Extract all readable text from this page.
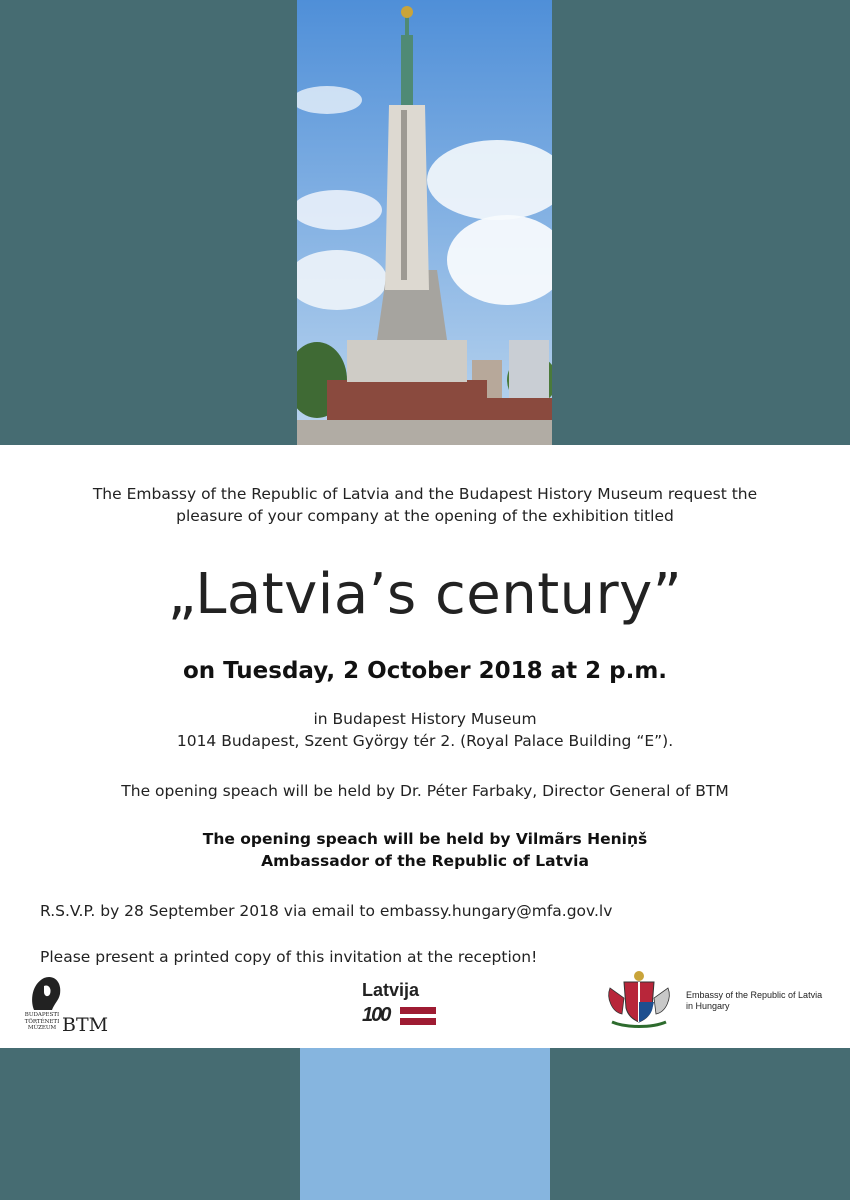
The Embassy of the Republic of Latvia and the Budapest History Museum request the
pleasure of your company at the opening of the exhibition titled
„Latvia’s century”
on Tuesday, 2 October 2018 at 2 p.m.
in Budapest History Museum
1014 Budapest, Szent György tér 2. (Royal Palace Building “E”).
The opening speach will be held by Dr. Péter Farbaky, Director General of BTM
The opening speach will be held by Vilmãrs Heniņš
Ambassador of the Republic of Latvia
R.S.V.P. by 28 September 2018 via email to embassy.hungary@mfa.gov.lv
Please present a printed copy of this invitation at the reception!
BUDAPESTI
TÖRTÉNETI
MÚZEUM BTM
Latvija
100
Embassy of the Republic of Latvia
in Hungary
